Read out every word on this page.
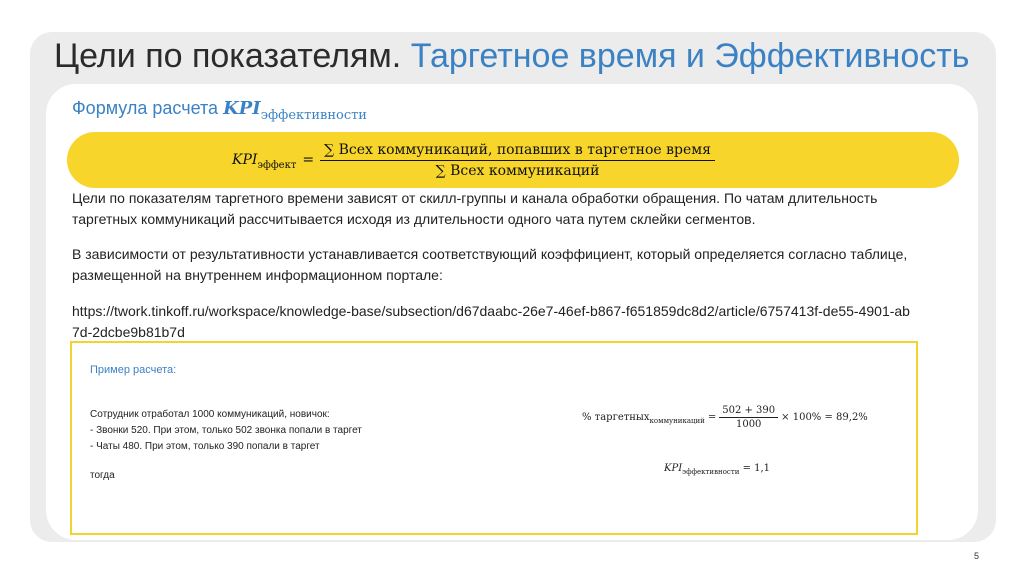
Цели по показателям. Таргетное время и Эффективность
Формула расчета $KPI_{эффективности}$
$KPI_{эффект} = \frac{\text{∑ Всех коммуникаций, попавших в таргетное время}}{\text{∑ Всех коммуникаций}}$
Цели по показателям таргетного времени зависят от скилл-группы и канала обработки обращения. По чатам длительность таргетных коммуникаций рассчитывается исходя из длительности одного чата путем склейки сегментов.
В зависимости от результативности устанавливается соответствующий коэффициент, который определяется согласно таблице, размещенной на внутреннем информационном портале:
https://twork.tinkoff.ru/workspace/knowledge-base/subsection/d67daabc-26e7-46ef-b867-f651859dc8d2/article/6757413f-de55-4901-ab7d-2dcbe9b81b7d
Пример расчета:
Сотрудник отработал 1000 коммуникаций, новичок:
- Звонки 520. При этом, только 502 звонка попали в таргет
- Чаты 480. При этом, только 390 попали в таргет
тогда
% таргетных коммуникаций = $\frac{502 + 390}{1000} \times 100\% = 89,2\%$
$KPI_{эффективности} = 1,1$
5
